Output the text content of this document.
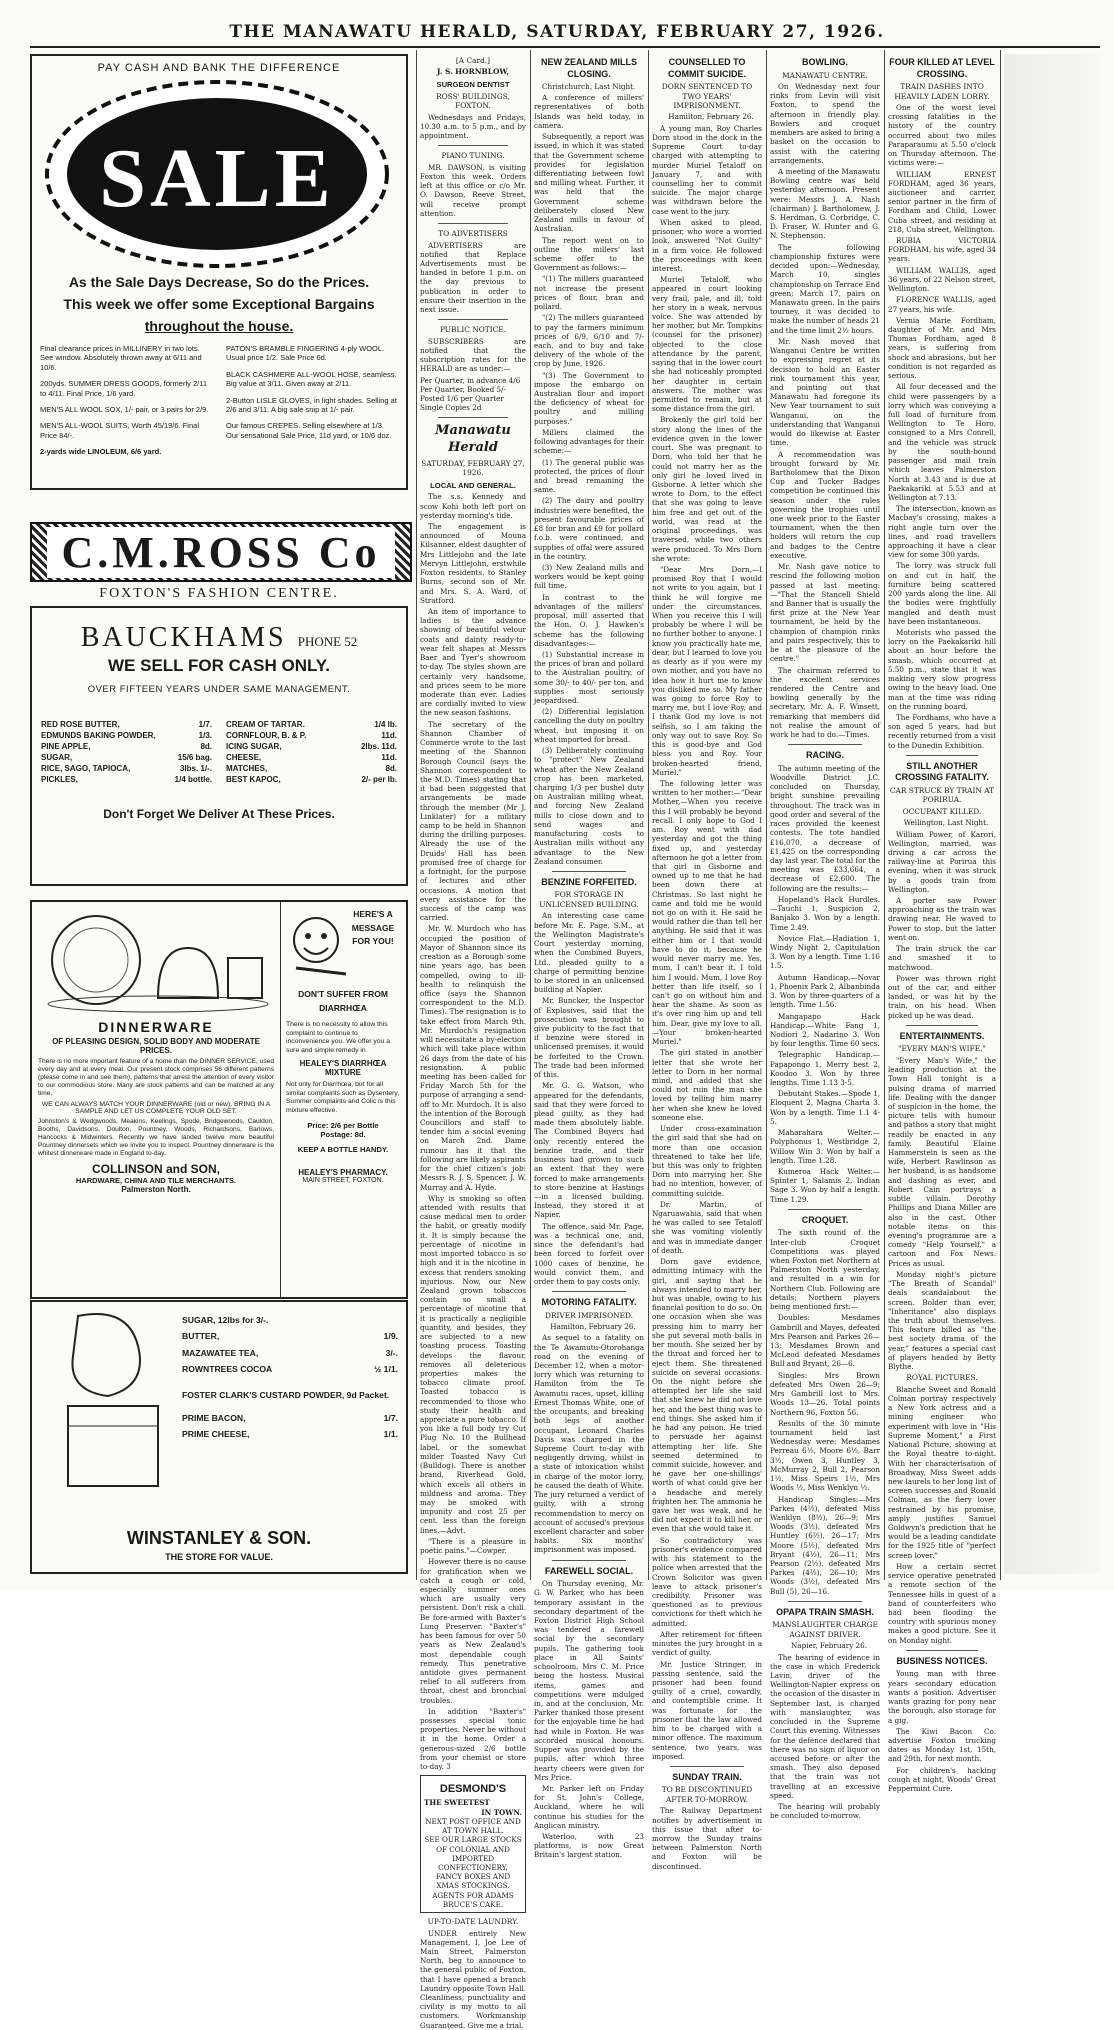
THE MANAWATU HERALD, SATURDAY, FEBRUARY 27, 1926.
PAY CASH AND BANK THE DIFFERENCE
SALE
As the Sale Days Decrease, So do the Prices.
This week we offer some Exceptional Bargains
throughout the house.

Final clearance prices in MILLINERY in two lots. See window. Absolutely thrown away at 6/11 and 10/6.

200yds. SUMMER DRESS GOODS, formerly 2/11 to 4/11. Final Price, 1/6 yard.

MEN'S ALL WOOL SOX, 1/- pair, or 3 pairs for 2/9.

MEN'S ALL-WOOL SUITS, Worth 45/19/6. Final Price 84/-.

2-yards wide LINOLEUM, 6/6 yard.

PATON'S BRAMBLE FINGERING 4-ply WOOL. Usual price 1/2. Sale Price 6d.

BLACK CASHMERE ALL-WOOL HOSE, seamless. Big value at 3/11. Given away at 2/11.

2-Button LISLE GLOVES, in light shades. Selling at 2/6 and 3/11. A big sale snip at 1/- pair.

Our famous CREPES. Selling elsewhere at 1/3. Our sensational Sale Price, 11d yard, or 10/6 doz.

C.M.ROSS Co
FOXTON'S FASHION CENTRE.
BAUCKHAMS PHONE 52
WE SELL FOR CASH ONLY.
OVER FIFTEEN YEARS UNDER SAME MANAGEMENT.
RED ROSE BUTTER,	1/7.
EDMUNDS BAKING POWDER,	1/3.
PINE APPLE,	8d.
SUGAR,	15/6 bag.
RICE, SAGO, TAPIOCA,	3lbs. 1/-.
PICKLES,	1/4 bottle.
CREAM OF TARTAR.	1/4 lb.
CORNFLOUR, B. & P.	11d.
ICING SUGAR,	2lbs. 11d.
CHEESE,	11d.
MATCHES,	8d.
BEST KAPOC,	2/- per lb.
Don't Forget We Deliver At These Prices.
DINNERWARE
OF PLEASING DESIGN, SOLID BODY AND MODERATE PRICES.
There is no more important feature of a home than the DINNER SERVICE, used every day and at every meal. Our present stock comprises 56 different patterns (please come in and see them), patterns that arrest the attention of every visitor to our commodious store. Many are stock patterns and can be matched at any time.
WE CAN ALWAYS MATCH YOUR DINNERWARE (old or new). BRING IN A SAMPLE AND LET US COMPLETE YOUR OLD SET.
Johnston's & Wedgwoods, Meakins, Keelings, Spode, Bridgewoods, Cauldon, Booths, Davidsons, Doulton, Pountney, Woods, Richardsons, Barlows, Hancocks & Midwinters. Recently we have landed twelve more beautiful Pountney dinnersets which we invite you to inspect. Pountney dinnerware is the whitest dinnerware made in England to-day.
COLLINSON and SON,
HARDWARE, CHINA AND TILE MERCHANTS.
Palmerston North.
HERE'S A MESSAGE FOR YOU!
DON'T SUFFER FROM DIARRHŒA
There is no necessity to allow this complaint to continue to inconvenience you. We offer you a sure and simple remedy in
HEALEY'S DIARRHŒA MIXTURE
Not only for Diarrhœa, but for all similar complaints such as Dysentery, Summer complaints and Colic is this mixture effective.
Price: 2/6 per Bottle
Postage: 8d.
KEEP A BOTTLE HANDY.
HEALEY'S PHARMACY.
MAIN STREET, FOXTON.
SUGAR, 12lbs for 3/-.
BUTTER,	1/9.
MAZAWATEE TEA,	3/-.
ROWNTREES COCOA	½ 1/1.
FOSTER CLARK'S CUSTARD POWDER, 9d Packet.
PRIME BACON,	1/7.
PRIME CHEESE,	1/1.
WINSTANLEY & SON.
THE STORE FOR VALUE.
[A Card.]
J. S. HORNBLOW,
SURGEON DENTIST
ROSS' BUILDINGS, FOXTON.

Wednesdays and Fridays, 10.30 a.m. to 5 p.m., and by appointment.

PIANO TUNING.

MR. DAWSON, is visiting Foxton this week. Orders left at this office or c/o Mr. O. Dawson, Reeve Street, will receive prompt attention.

TO ADVERTISERS

ADVERTISERS are notified that Replace Advertisements must be handed in before 1 p.m. on the day previous to publication in order to ensure their insertion in the next issue.

PUBLIC NOTICE.

SUBSCRIBERS are notified that the subscription rates for the HERALD are as under:—

Per Quarter, in advance 4/6
Per Quarter, Booked 5/-
Posted 1/6 per Quarter
Single Copies 2d
Manawatu Herald
SATURDAY, FEBRUARY 27, 1926.
LOCAL AND GENERAL.

The s.s. Kennedy and scow Kohi both left port on yesterday morning's tide.

The engagement is announced of Mouna Kilsanner, eldest daughter of Mrs Littlejohn and the late Mervyn Littlejohn, erstwhile Foxton residents, to Stanley Burns, second son of Mr. and Mrs. S. A. Ward, of Stratford.

An item of importance to ladies is the advance showing of beautiful velour coats and dainty ready-to-wear felt shapes at Messrs Baer and Tyer's showroom to-day. The styles shown are certainly very handsome, and prices seem to be more moderate than ever. Ladies are cordially invited to view the new season fashions.

The secretary of the Shannon Chamber of Commerce wrote to the last meeting of the Shannon Borough Council (says the Shannon correspondent to the M.D. Times) stating that it had been suggested that arrangements be made through the member (Mr J. Linklater) for a military camp to be held in Shannon during the drilling purposes. Already the use of the Druids' Hall has been promised free of charge for a fortnight, for the purpose of lectures and other occasions. A motion that every assistance for the success of the camp was carried.

Mr. W. Murdoch who has occupied the position of Mayor of Shannon since its creation as a Borough some nine years ago, has been compelled, owing to ill-health to relinquish the office (says the Shannon correspondent to the M.D. Times). The resignation is to take effect from March 9th. Mr. Murdoch's resignation will necessitate a by-election which will take place within 26 days from the date of his resignation. A public meeting has been called for Friday March 5th for the purpose of arranging a send-off to Mr. Murdoch. It is also the intention of the Borough Councillors and staff to tender him a social evening on March 2nd. Dame rumour has it that the following are likely aspirants for the chief citizen's job: Messrs R. J. S. Spencer, J. W. Murray and A. Hyde.

Why is smoking so often attended with results that cause medical men to order the habit, or greatly modify it. It is simply because the percentage of nicotine in most imported tobacco is so high and it is the nicotine in excess that renders smoking injurious. Now, our New Zealand grown tobaccos contain so small a percentage of nicotine that it is practically a negligible quantity, and besides, they are subjected to a new toasting process. Toasting develops the flavour, removes all deleterious properties makes the tobacco climate proof. Toasted tobacco is recommended to those who study their health and appreciate a pure tobacco. If you like a full body try Cut Plug No. 10 the Bullhead label, or the somewhat milder Toasted Navy Cut (Bulldog). There is another brand, Riverhead Gold, which excels all others in mildness and aroma. They may be smoked with impunity and cost 25 per cent. less than the foreign lines.—Advt.

"There is a pleasure in poetic pains."—Cowper.

However there is no cause for gratification when we catch a cough or cold, especially summer ones which are usually very persistent. Don't risk a chill. Be fore-armed with Baxter's Lung Preserver. "Baxter's" has been famous for over 50 years as New Zealand's most dependable cough remedy. This penetrative antidote gives permanent relief to all sufferers from throat, chest and bronchial troubles.

In addition "Baxter's" possesses special tonic properties. Never be without it in the home. Order a generous-sized 2/6 bottle from your chemist or store to-day. 3

DESMOND'S
THE SWEETEST
IN TOWN.
NEXT POST OFFICE AND AT TOWN HALL.
SEE OUR LARGE STOCKS OF COLONIAL AND IMPORTED CONFECTIONERY, FANCY BOXES AND XMAS STOCKINGS.
AGENTS FOR ADAMS BRUCE'S CAKE.
UP-TO-DATE LAUNDRY.

UNDER entirely New Management, I, Joe Lee of Main Street, Palmerston North, beg to announce to the general public of Foxton, that I have opened a branch Laundry opposite Town Hall. Cleanliness, punctuality and civility is my motto to all customers. Workmanship Guaranteed. Give me a trial.

NEW ZEALAND MILLS CLOSING.

Christchurch, Last Night.

A conference of millers' representatives of both Islands was held today, in camera.

Subsequently, a report was issued, in which it was stated that the Government scheme provides for legislation differentiating between fowl and milling wheat. Further, it was held that the Government scheme deliberately closed New Zealand mills in favour of Australian.

The report went on to outline the millers' last scheme offer to the Government as follows:—

"(1) The millers guaranteed not increase the present prices of flour, bran and pollard.

"(2) The millers guaranteed to pay the farmers minimum prices of 6/9, 6/10 and 7/- each, and to buy and take delivery of the whole of the crop by June, 1926.

"(3) The Government to impose the embargo on Australian flour and import the deficiency of wheat for poultry and milling purposes."

Millers claimed the following advantages for their scheme:—

(1) The general public was protected, the prices of flour and bread remaining the same.

(2) The dairy and poultry industries were benefited, the present favourable prices of £8 for bran and £9 for pollard f.o.b. were continued, and supplies of offal were assured in the country.

(3) New Zealand mills and workers would be kept going full time.

In contrast to the advantages of the millers' proposal, mill asserted that the Hon. O. J. Hawken's scheme has the following disadvantages:—

(1) Substantial increase in the prices of bran and pollard to the Australian poultry, of some 30/- to 40/- per ton, and supplies most seriously jeopardised.

(2) Differential legislation cancelling the duty on poultry wheat, but imposing it on wheat imported for bread.

(3) Deliberately continuing to "protect" New Zealand wheat after the New Zealand crop has been marketed, charging 1/3 per bushel duty on Australian milling wheat, and forcing New Zealand mills to close down and to send wages and manufacturing costs to Australian mills without any advantage to the New Zealand consumer.

BENZINE FORFEITED.
FOR STORAGE IN UNLICENSED BUILDING.

An interesting case came before Mr. E. Page, S.M., at the Wellington Magistrate's Court yesterday morning, when the Combined Buyers, Ltd., pleaded guilty to a charge of permitting benzine to be stored in an unlicensed building at Napier.

Mr. Buncker, the Inspector of Explosives, said that the prosecution was brought to give publicity to the fact that if benzine were stored in unlicensed premises, it would be forfeited to the Crown. The trade had been informed of this.

Mr. G. G. Watson, who appeared for the defendants, said that they were forced to plead guilty, as they had made them absolutely liable. The Combined Buyers had only recently entered the benzine trade, and their business had grown to such an extent that they were forced to make arrangements to store benzine at Hastings—in a licensed building. Instead, they stored it at Napier.

The offence, said Mr. Page, was a technical one, and, since the defendant's had been forced to forfeit over 1000 cases of benzine, he would convict them, and order them to pay costs only.

MOTORING FATALITY.
DRIVER IMPRISONED.

Hamilton, February 26.

As sequel to a fatality on the Te Awamutu-Otorohanga road on the evening of December 12, when a motor-lorry which was returning to Hamilton from the Te Awamutu races, upset, killing Ernest Thomas White, one of the occupants, and breaking both legs of another occupant, Leonard Charles Davis was charged in the Supreme Court to-day with negligently driving, whilst in a state of intoxication whilst in charge of the motor lorry, he caused the death of White. The jury returned a verdict of guilty, with a strong recommendation to mercy on account of accused's previous excellent character and sober habits. Six months' imprisonment was imposed.

FAREWELL SOCIAL.

On Thursday evening, Mr. G. W. Parker, who has been temporary assistant in the secondary department of the Foxton District High School was tendered a farewell social by the secondary pupils. The gathering took place in All Saints' schoolroom, Mrs C. M. Price being the hostess. Musical items, games and competitions were indulged in, and at the conclusion, Mr. Parker thanked those present for the enjoyable time he had had while in Foxton. He was accorded musical honours. Supper was provided by the pupils, after which three hearty cheers were given for Mrs Price.

Mr. Parker left on Friday for St. John's College, Auckland, where he will continue his studies for the Anglican ministry.

Waterloo, with 23 platforms, is now Great Britain's largest station.

COUNSELLED TO COMMIT SUICIDE.
DORN SENTENCED TO TWO YEARS' IMPRISONMENT.

Hamilton, February 26.

A young man, Roy Charles Dorn stood in the dock in the Supreme Court to-day charged with attempting to murder Muriel Tetaloff on January 7, and with counselling her to commit suicide. The major charge was withdrawn before the case went to the jury.

When asked to plead, prisoner, who wore a worried look, answered "Not Guilty" in a firm voice. He followed the proceedings with keen interest.

Muriel Tetaloff, who appeared in court looking very frail, pale, and ill, told her story in a weak, nervous voice. She was attended by her mother, but Mr. Tompkins (counsel for the prisoner) objected to the close attendance by the parent, saying that in the lower court she had noticeably prompted her daughter in certain answers. The mother was permitted to remain, but at some distance from the girl.

Brokenly the girl told her story along the lines of the evidence given in the lower court. She was pregnant to Dorn, who told her that he could not marry her as the only girl he loved lived in Gisborne. A letter which she wrote to Dorn, to the effect that she was going to leave him free and get out of the world, was read at the original proceedings, was traversed, while two others were produced. To Mrs Dorn she wrote:

"Dear Mrs Dorn,—I promised Roy that I would not write to you again, but I think he will forgive me under the circumstances. When you receive this I will probably be where I will be no further bother to anyone. I know you practically hate me, dear, but I learned to love you as dearly as if you were my own mother, and you have no idea how it hurt me to know you disliked me so. My father was going to force Roy to marry me, but I love Roy, and I thank God my love is not selfish, so I am taking the only way out to save Roy. So this is good-bye and God bless you and Roy. Your broken-hearted friend, Muriel."

The following letter was written to her mother:—"Dear Mother,—When you receive this I will probably be beyond recall. I only hope to God I am. Roy went with dad yesterday and got the thing fixed up, and yesterday afternoon he got a letter from that girl in Gisborne and owned up to me that he had been down there at Christmas. So last night he came and told me he would not go on with it. He said he would rather die than tell her anything. He said that it was either him or I that would have to do it, because he would never marry me. Yes, mum, I can't bear it. I told him I would. Mum, I love Roy better than life itself, so I can't go on without him and hear the shame. As soon as it's over ring him up and tell him. Dear, give my love to all.—Your broken-hearted Muriel."

The girl stated in another letter that she wrote her letter to Dorn in her normal mind, and added that she could not ruin the man she loved by telling him marry her when she knew he loved someone else.

Under cross-examination the girl said that she had on more than one occasion threatened to take her life, but this was only to frighten Dorn into marrying her. She had no intention, however, of committing suicide.

Dr. Martin, of Ngaruawahia, said that when he was called to see Tetaloff she was vomiting violently and was in immediate danger of death.

Dorn gave evidence, admitting intimacy with the girl, and saying that he always intended to marry her, but was unable, owing to his financial position to do so. On one occasion when she was pressing him to marry her she put several moth balls in her mouth. She seized her by the throat and forced her to eject them. She threatened suicide on several occasions. On the night before she attempted her life she said that she knew he did not love her, and the best thing was to end things. She asked him if he had any poison. He tried to persuade her against attempting her life. She seemed determined to commit suicide, however, and he gave her one-shillings' worth of what could give her a headache and merely frighten her. The ammonia he gave her was weak, and he did not expect it to kill her, or even that she would take it.

So contradictory was prisoner's evidence compared with his statement to the police when arrested that the Crown Solicitor was given leave to attack prisoner's credibility. Prisoner was questioned as to previous convictions for theft which he admitted.

After retirement for fifteen minutes the jury brought in a verdict of guilty.

Mr. Justice Stringer, in passing sentence, said the prisoner had been found guilty of a cruel, cowardly, and contemptible crime. It was fortunate for the prisoner that the law allowed him to be charged with a minor offence. The maximum sentence, two years, was imposed.

SUNDAY TRAIN.
TO BE DISCONTINUED AFTER TO-MORROW.

The Railway Department notifies by advertisement in this issue that after to-morrow the Sunday trains between Palmerston North and Foxton will be discontinued.

BOWLING.
MANAWATU CENTRE.

On Wednesday next four rinks from Levin will visit Foxton, to spend the afternoon in friendly play. Bowlers and croquet members are asked to bring a basket on the occasion to assist with the catering arrangements.

A meeting of the Manawatu Bowling centre was held yesterday afternoon. Present were: Messrs J. A. Nash (chairman) J. Bartholomew, J. S. Herdman, G. Corbridge, C. D. Fraser, W. Hunter and G. N. Stephenson.

The following championship fixtures were decided upon:—Wednesday, March 10, singles championship on Terrace End green; March 17, pairs on Manawatu green. In the pairs tourney, it was decided to make the number of heads 21 and the time limit 2½ hours.

Mr. Nash moved that Wanganui Centre be written to expressing regret at its decision to hold an Easter rink tournament this year, and pointing out that Manawatu had foregone its New Year tournament to suit Wanganui, on the understanding that Wanganui would do likewise at Easter time.

A recommendation was brought forward by Mr. Bartholomew that the Dixon Cup and Tucker Badges competition be continued this season under the rules governing the trophies until one week prior to the Easter tournament, when the then holders will return the cup and badges to the Centre executive.

Mr. Nash gave notice to rescind the following motion passed at last meeting:—"That the Stancell Shield and Banner that is usually the first prize at the New Year tournament, be held by the champion of champion rinks and pairs respectively, this to be at the pleasure of the centre."

The chairman referred to the excellent services rendered the Centre and bowling generally by the secretary, Mr. A. F. Winsett, remarking that members did not realise the amount of work he had to do.—Times.

RACING.

The autumn meeting of the Woodville District J.C. concluded on Thursday, bright sunshine prevailing throughout. The track was in good order and several of the races provided the keenest contests. The tote handled £16,070, a decrease of £1,425 on the corresponding day last year. The total for the meeting was £33,664, a decrease of £2,600. The following are the results:—

Hopeland's Hack Hurdles.—Tauchi 1, Suspicion 2, Banjako 3. Won by a length. Time 2.49.

Novice Flat.—Hadiation 1, Windy Night 2, Capitulation 3. Won by a length. Time 1.16 1.5.

Autumn Handicap.—Novar 1, Phoenix Park 2, Albanbinda 3. Won by three-quarters of a length. Time 1.56.

Mangapapo Hack Handicap.—White Fang 1, Nodiori 2, Nadarino 3. Won by four lengths. Time 60 secs.

Telegraphic Handicap.—Papapongo 1, Merry best 2, Koodoo 3. Won by three lengths. Time 1.13 3-5.

Debutant Stakes.—Spode 1, Eloquent 2, Magna Charta 3. Won by a length. Time 1.1 4-5.

Maharahara Welter.—Polyphonus 1, Westbridge 2, Willow Win 3. Won by half a length. Time 1.28.

Kumeroa Hack Welter.—Spinter 1, Salamis 2, Indian Sage 3. Won by half a length. Time 1.29.

CROQUET.

The sixth round of the Inter-club Croquet Competitions was played when Foxton met Northern at Palmerston North yesterday, and resulted in a win for Northern Club. Following are details; Northern players being mentioned first:—

Doubles: Mesdames Gambrill and Mayes, defeated Mrs Pearson and Parkes 26—13; Mesdames Brown and McLeod defeated Mesdames Bull and Bryant, 26—6.

Singles: Mrs Brown defeated Mrs Owen 26—9; Mrs Gambrill lost to Mrs. Woods 13—26. Total points Northern 96, Foxton 56.

Results of the 30 minute tournament held last Wednesday were: Mesdames Perreau 6½, Moore 6½, Barr 3½, Owen 3, Huntley 3, McMurray 2, Bull 2, Pearson 1½, Miss Speirs 1½, Mrs Woods ½, Miss Wenklyn ½.

Handicap Singles:—Mrs Parkes (4½), defeated Miss Wanklyn (8½), 26—9; Mrs Woods (3½), defeated Mrs Huntley (6½), 26—17; Mrs Moore (5½), defeated Mrs Bryant (4½), 26—11; Mrs Pearson (2½), defeated Mrs Parkes (4½), 26—10; Mrs Woods (3½), defeated Mrs Bull (5), 26—16.

OPAPA TRAIN SMASH.
MANSLAUGHTER CHARGE AGAINST DRIVER.

Napier, February 26.

The hearing of evidence in the case in which Frederick Lavin, driver of the Wellington-Napier express on the occasion of the disaster in September last, is charged with manslaughter, was concluded in the Supreme Court this evening. Witnesses for the defence declared that there was no sign of liquor on accused before or after the smash. They also deposed that the train was not travelling at an excessive speed.

The hearing will probably be concluded to-morrow.

FOUR KILLED AT LEVEL CROSSING.
TRAIN DASHES INTO HEAVILY LADEN LORRY.

One of the worst level crossing fatalities in the history of the country occurred about two miles Paraparaumu at 5.50 o'clock on Thursday afternoon. The victims were:—

WILLIAM ERNEST FORDHAM, aged 36 years, auctioneer and carrier, senior partner in the firm of Fordham and Child, Lower Cuba street, and residing at 218, Cuba street, Wellington.

RUBIA VICTORIA FORDHAM, his wife, aged 34 years.

WILLIAM WALLIS, aged 36 years, of 22 Nelson street, Wellington.

FLORENCE WALLIS, aged 27 years, his wife.

Vernia Marie Fordham, daughter of Mr. and Mrs Thomas Fordham, aged 8 years, is suffering from shock and abrasions, but her condition is not regarded as serious.

All four deceased and the child were passengers by a lorry which was conveying a full load of furniture from Wellington to Te Horo, consigned to a Mrs Conrell, and the vehicle was struck by the south-bound passenger and mail train which leaves Palmerston North at 3.43 and is due at Paekakariki at 5.53 and at Wellington at 7.13.

The intersection, known as Macbay's crossing, makes a right angle turn over the lines, and road travellers approaching it have a clear view for some 300 yards.

The lorry was struck full on and cut in half, the furniture being scattered 200 yards along the line. All the bodies were frightfully mangled and death must have been instantaneous.

Motorists who passed the lorry on the Paekakariki hill about an hour before the smash, which occurred at 5.50 p.m., state that it was making very slow progress owing to the heavy load. One man at the time was riding on the running board.

The Fordhams, who have a son aged 5 years, had but recently returned from a visit to the Dunedin Exhibition.

STILL ANOTHER CROSSING FATALITY.
CAR STRUCK BY TRAIN AT PORIRUA.
OCCUPANT KILLED.

Wellington, Last Night.

William Power, of Karori, Wellington, married, was driving a car across the railway-line at Porirua this evening, when it was struck by a goods train from Wellington.

A porter saw Power approaching as the train was drawing near. He waved to Power to stop, but the latter went on.

The train struck the car and smashed it to matchwood.

Power was thrown right out of the car, and either landed, or was hit by the train, on his head. When picked up he was dead.

ENTERTAINMENTS.
"EVERY MAN'S WIFE."

"Every Man's Wife," the leading production at the Town Hall tonight is a pulsing drama of married life. Dealing with the danger of suspicion in the home, the picture tells with humour and pathos a story that might readily be enacted in any family. Beautiful Elaine Hammerstein is seen as the wife, Herbert Rawlinson as her husband, is as handsome and dashing as ever, and Robert Cain portrays a subtle villain. Dorothy Phillips and Diana Miller are also in the cast. Other notable items on this evening's programme are a comedy "Help Yourself," a cartoon and Fox News. Prices as usual.

Monday night's picture "The Breath of Scandal" deals scandalabout the screen. Bolder than ever, "Inheritance" also displays the truth about themselves. This feature billed as "the best society drama of the year," features a special cast of players headed by Betty Blythe.

ROYAL PICTURES.

Blanche Sweet and Ronald Colman portray respectively a New York actress and a mining engineer who experiment with love in "His Supreme Moment," a First National Picture, showing at the Royal theatre to-night. With her characterisation of Broadway, Miss Sweet adds new laurels to her long list of screen successes and Ronald Colman, as the fiery lover restrained by his promise, amply justifies Samuel Goldwyn's prediction that he would be a leading candidate for the 1925 title of "perfect screen lover."

How a certain secret service operative penetrated a remote section of the Tennessee hills in quest of a band of counterfeiters who had been flooding the country with spurious money makes a good picture. See it on Monday night.

BUSINESS NOTICES.

Young man with three years secondary education wants a position. Advertiser wants grazing for pony near the borough, also storage for a gig.

The Kiwi Bacon Co. advertise Foxton trucking dates as Monday 1st, 15th, and 29th, for next month.

For children's hacking cough at night, Woods' Great Peppermint Cure.
